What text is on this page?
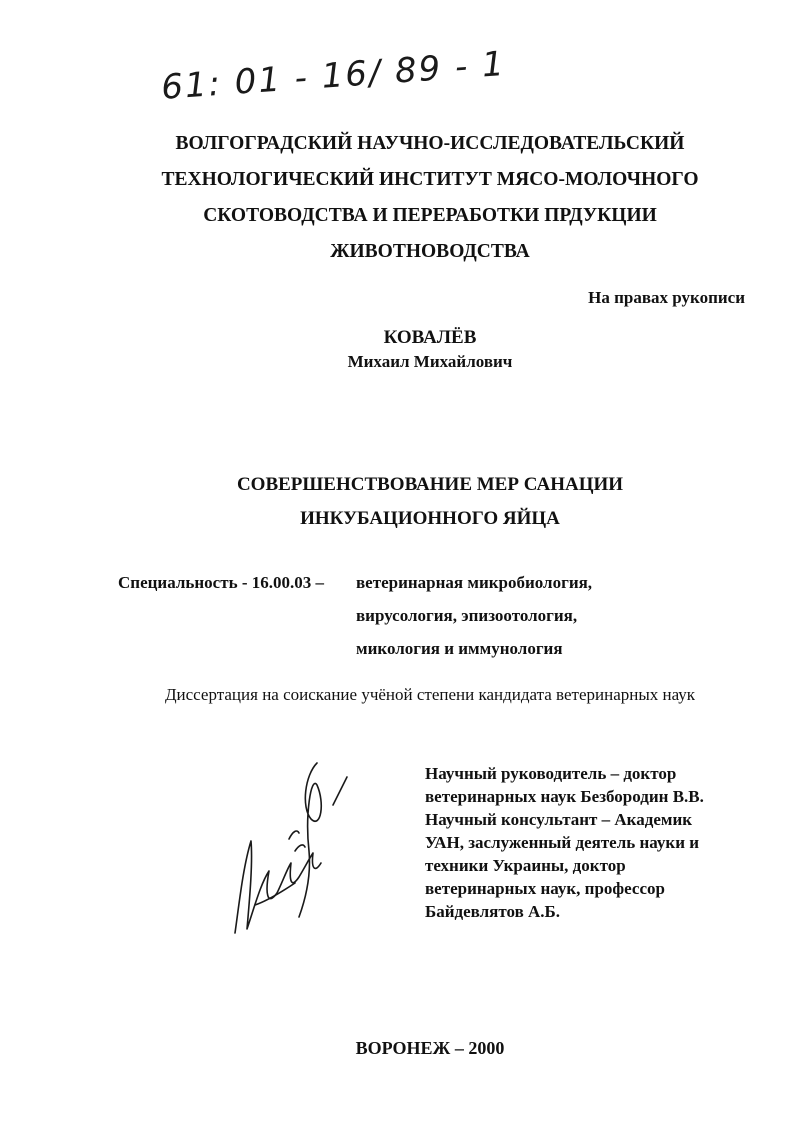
61: 01 - 16/ 89 - 1
ВОЛГОГРАДСКИЙ НАУЧНО-ИССЛЕДОВАТЕЛЬСКИЙ
ТЕХНОЛОГИЧЕСКИЙ ИНСТИТУТ МЯСО-МОЛОЧНОГО
СКОТОВОДСТВА И ПЕРЕРАБОТКИ ПРДУКЦИИ
ЖИВОТНОВОДСТВА
На правах рукописи
КОВАЛЁВ
Михаил Михайлович
СОВЕРШЕНСТВОВАНИЕ МЕР САНАЦИИ
ИНКУБАЦИОННОГО ЯЙЦА
Специальность - 16.00.03 – ветеринарная микробиология,
вирусология, эпизоотология,
микология и иммунология
Диссертация на соискание учёной степени кандидата ветеринарных наук
Научный руководитель – доктор
ветеринарных наук Безбородин В.В.
Научный консультант – Академик
УАН, заслуженный деятель науки и
техники Украины, доктор
ветеринарных наук, профессор
Байдевлятов А.Б.
ВОРОНЕЖ – 2000
